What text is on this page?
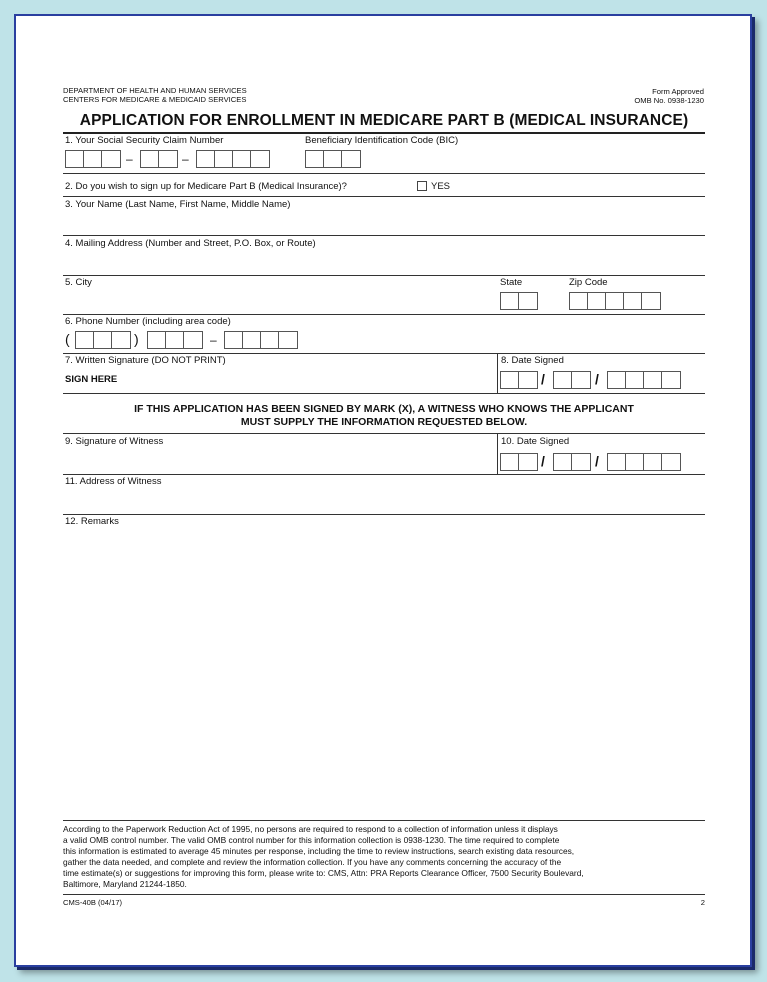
DEPARTMENT OF HEALTH AND HUMAN SERVICES
CENTERS FOR MEDICARE & MEDICAID SERVICES
Form Approved
OMB No. 0938-1230
APPLICATION FOR ENROLLMENT IN MEDICARE PART B (MEDICAL INSURANCE)
1. Your Social Security Claim Number	Beneficiary Identification Code (BIC)
–	–
2. Do you wish to sign up for Medicare Part B (Medical Insurance)?	YES
3. Your Name (Last Name, First Name, Middle Name)
4. Mailing Address (Number and Street, P.O. Box, or Route)
5. City	State	Zip Code
6. Phone Number (including area code)
(	)	–
7. Written Signature (DO NOT PRINT)
SIGN HERE
8. Date Signed
/	/
IF THIS APPLICATION HAS BEEN SIGNED BY MARK (X), A WITNESS WHO KNOWS THE APPLICANT
MUST SUPPLY THE INFORMATION REQUESTED BELOW.
9. Signature of Witness	10. Date Signed
/	/
11. Address of Witness
12. Remarks
According to the Paperwork Reduction Act of 1995, no persons are required to respond to a collection of information unless it displays
a valid OMB control number. The valid OMB control number for this information collection is 0938-1230. The time required to complete
this information is estimated to average 45 minutes per response, including the time to review instructions, search existing data resources,
gather the data needed, and complete and review the information collection. If you have any comments concerning the accuracy of the
time estimate(s) or suggestions for improving this form, please write to: CMS, Attn: PRA Reports Clearance Officer, 7500 Security Boulevard,
Baltimore, Maryland 21244-1850.
CMS-40B (04/17)	2
